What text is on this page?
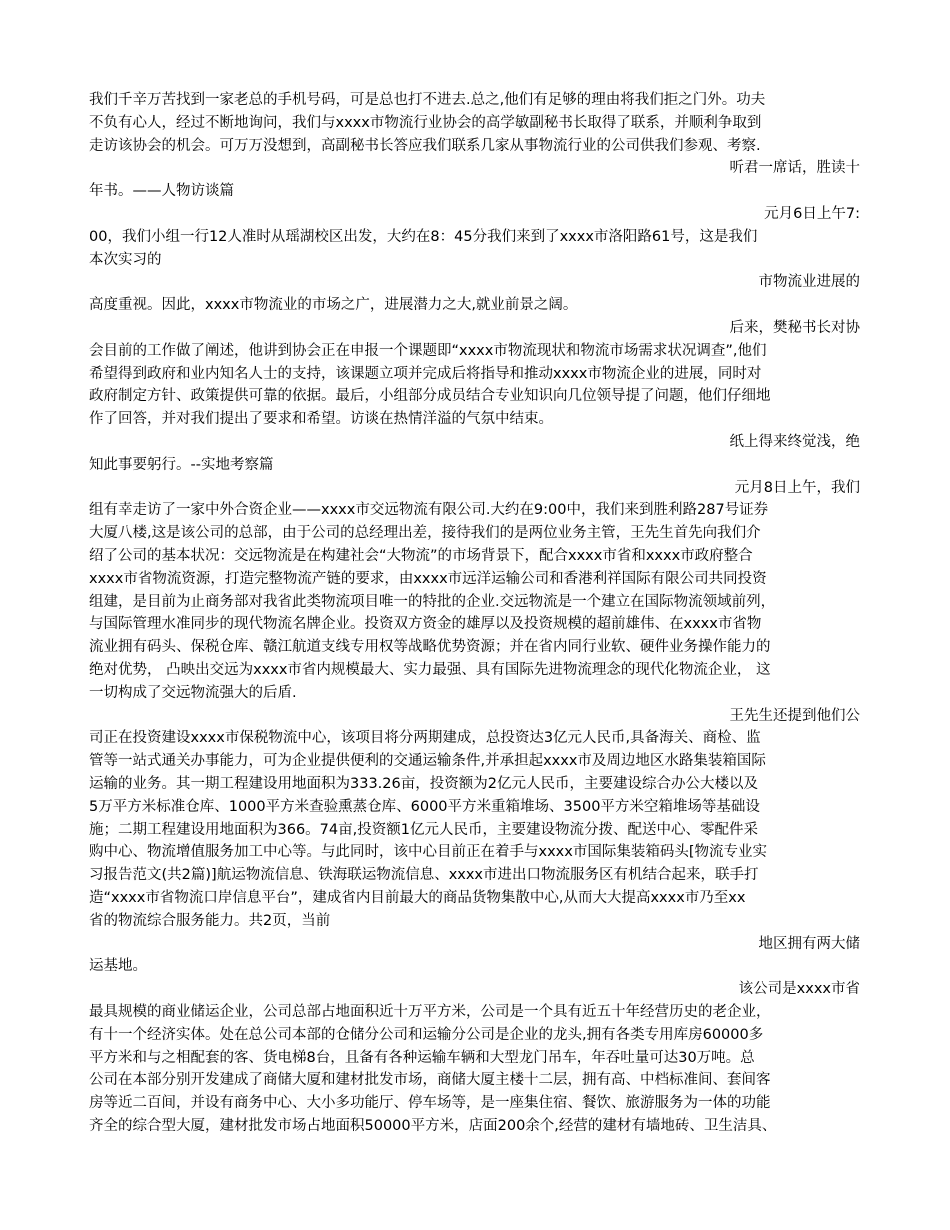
我们千辛万苦找到一家老总的手机号码，可是总也打不进去.总之,他们有足够的理由将我们拒之门外。功夫
不负有心人，经过不断地询问，我们与xxxx市物流行业协会的高学敏副秘书长取得了联系，并顺利争取到
走访该协会的机会。可万万没想到，高副秘书长答应我们联系几家从事物流行业的公司供我们参观、考察.
听君一席话，胜读十
年书。——人物访谈篇
元月6日上午7:
00，我们小组一行12人准时从瑶湖校区出发，大约在8：45分我们来到了xxxx市洛阳路61号，这是我们
本次实习的
市物流业进展的
高度重视。因此，xxxx市物流业的市场之广，进展潜力之大,就业前景之阔。
后来，樊秘书长对协
会目前的工作做了阐述，他讲到协会正在申报一个课题即“xxxx市物流现状和物流市场需求状况调查”,他们
希望得到政府和业内知名人士的支持，该课题立项并完成后将指导和推动xxxx市物流企业的进展，同时对
政府制定方针、政策提供可靠的依据。最后，小组部分成员结合专业知识向几位领导提了问题，他们仔细地
作了回答，并对我们提出了要求和希望。访谈在热情洋溢的气氛中结束。
纸上得来终觉浅，绝
知此事要躬行。--实地考察篇
元月8日上午，我们
组有幸走访了一家中外合资企业——xxxx市交远物流有限公司.大约在9:00中，我们来到胜利路287号证券
大厦八楼,这是该公司的总部，由于公司的总经理出差，接待我们的是两位业务主管，王先生首先向我们介
绍了公司的基本状况：交远物流是在构建社会“大物流”的市场背景下，配合xxxx市省和xxxx市政府整合
xxxx市省物流资源，打造完整物流产链的要求，由xxxx市远洋运输公司和香港利祥国际有限公司共同投资
组建，是目前为止商务部对我省此类物流项目唯一的特批的企业.交远物流是一个建立在国际物流领域前列，
与国际管理水准同步的现代物流名牌企业。投资双方资金的雄厚以及投资规模的超前雄伟、在xxxx市省物
流业拥有码头、保税仓库、赣江航道支线专用权等战略优势资源；并在省内同行业软、硬件业务操作能力的
绝对优势， 凸映出交远为xxxx市省内规模最大、实力最强、具有国际先进物流理念的现代化物流企业， 这
一切构成了交远物流强大的后盾.
王先生还提到他们公
司正在投资建设xxxx市保税物流中心，该项目将分两期建成，总投资达3亿元人民币,具备海关、商检、监
管等一站式通关办事能力，可为企业提供便利的交通运输条件,并承担起xxxx市及周边地区水路集装箱国际
运输的业务。其一期工程建设用地面积为333.26亩，投资额为2亿元人民币，主要建设综合办公大楼以及
5万平方米标准仓库、1000平方米查验熏蒸仓库、6000平方米重箱堆场、3500平方米空箱堆场等基础设
施；二期工程建设用地面积为366。74亩,投资额1亿元人民币，主要建设物流分拨、配送中心、零配件采
购中心、物流增值服务加工中心等。与此同时，该中心目前正在着手与xxxx市国际集装箱码头[物流专业实
习报告范文(共2篇)]航运物流信息、铁海联运物流信息、xxxx市进出口物流服务区有机结合起来，联手打
造“xxxx市省物流口岸信息平台”，建成省内目前最大的商品货物集散中心,从而大大提高xxxx市乃至xx
省的物流综合服务能力。共2页，当前
地区拥有两大储
运基地。
该公司是xxxx市省
最具规模的商业储运企业，公司总部占地面积近十万平方米，公司是一个具有近五十年经营历史的老企业，
有十一个经济实体。处在总公司本部的仓储分公司和运输分公司是企业的龙头,拥有各类专用库房60000多
平方米和与之相配套的客、货电梯8台，且备有各种运输车辆和大型龙门吊车，年吞吐量可达30万吨。总
公司在本部分别开发建成了商储大厦和建材批发市场，商储大厦主楼十二层，拥有高、中档标准间、套间客
房等近二百间，并设有商务中心、大小多功能厅、停车场等，是一座集住宿、餐饮、旅游服务为一体的功能
齐全的综合型大厦，建材批发市场占地面积50000平方米，店面200余个,经营的建材有墙地砖、卫生洁具、
